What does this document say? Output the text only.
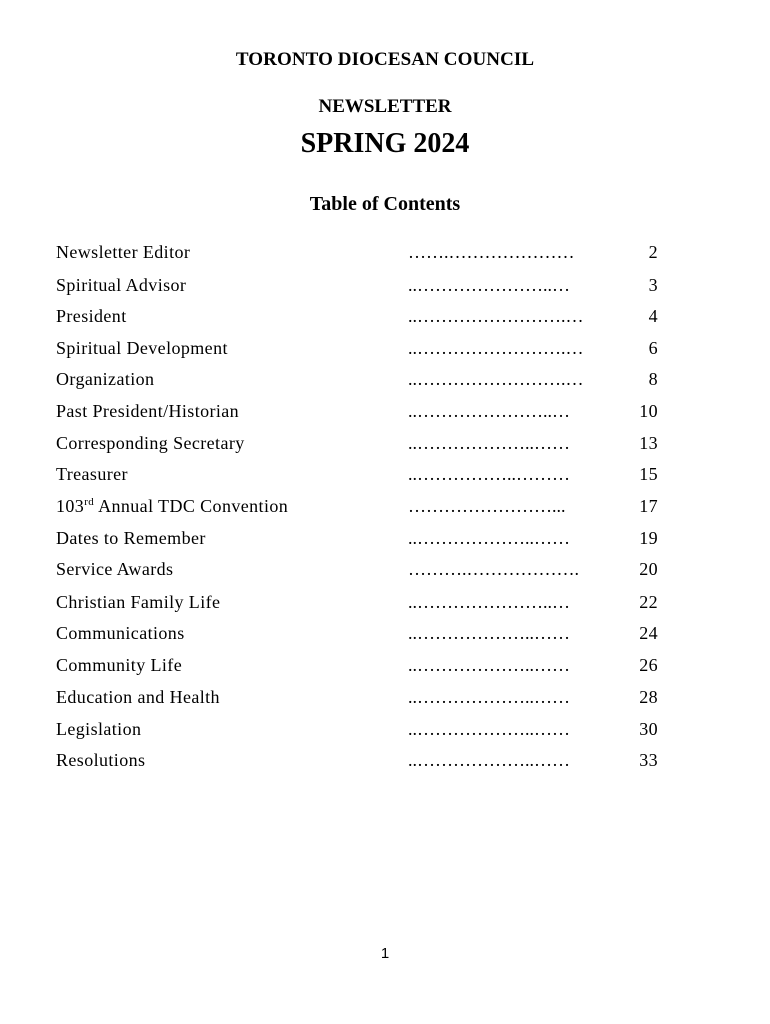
TORONTO DIOCESAN COUNCIL
NEWSLETTER
SPRING 2024
Table of Contents
Newsletter Editor	…….…………………	2
Spiritual Advisor	..…………………..…	3
President	..…………………….…	4
Spiritual Development	..…………………….…	6
Organization	..…………………….…	8
Past President/Historian	..…………………..…	10
Corresponding Secretary	..………………..……	13
Treasurer	..……………..………	15
103rd Annual TDC Convention	……………………...	17
Dates to Remember	..………………..……	19
Service Awards	……….……………….	20
Christian Family Life	..…………………..…	22
Communications	..………………..……	24
Community Life	..………………..……	26
Education and Health	..………………..……	28
Legislation	..………………..……	30
Resolutions	..………………..……	33
1
